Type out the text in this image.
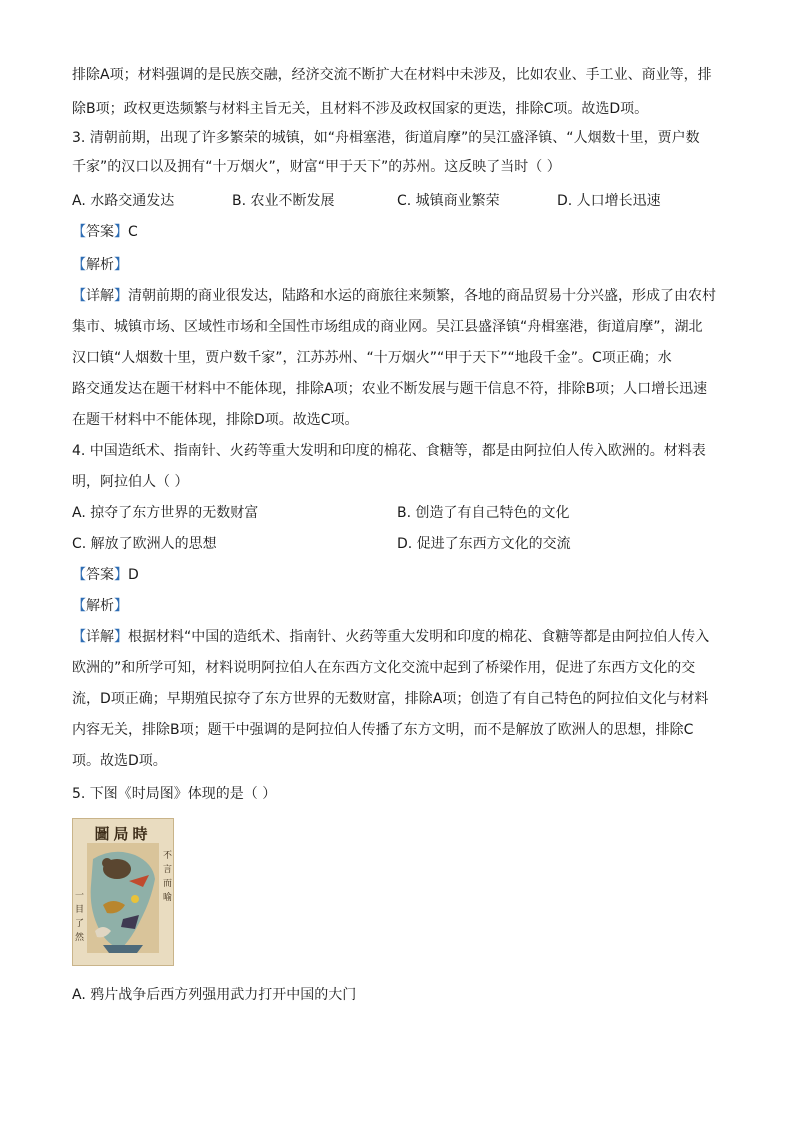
排除A项；材料强调的是民族交融，经济交流不断扩大在材料中未涉及，比如农业、手工业、商业等，排
除B项；政权更迭频繁与材料主旨无关，且材料不涉及政权国家的更迭，排除C项。故选D项。
3. 清朝前期，出现了许多繁荣的城镇，如“舟楫塞港，街道肩摩”的吴江盛泽镇、“人烟数十里，贾户数
千家”的汉口以及拥有“十万烟火”，财富“甲于天下”的苏州。这反映了当时（ ）
A. 水路交通发达	B. 农业不断发展	C. 城镇商业繁荣	D. 人口增长迅速
【答案】C
【解析】
【详解】清朝前期的商业很发达，陆路和水运的商旅往来频繁，各地的商品贸易十分兴盛，形成了由农村
集市、城镇市场、区域性市场和全国性市场组成的商业网。吴江县盛泽镇“舟楫塞港，街道肩摩”，湖北
汉口镇“人烟数十里，贾户数千家”，江苏苏州、“十万烟火”“甲于天下”“地段千金”。C项正确；水
路交通发达在题干材料中不能体现，排除A项；农业不断发展与题干信息不符，排除B项；人口增长迅速
在题干材料中不能体现，排除D项。故选C项。
4. 中国造纸术、指南针、火药等重大发明和印度的棉花、食糖等，都是由阿拉伯人传入欧洲的。材料表
明，阿拉伯人（ ）
A. 掠夺了东方世界的无数财富	B. 创造了有自己特色的文化
C. 解放了欧洲人的思想	D. 促进了东西方文化的交流
【答案】D
【解析】
【详解】根据材料“中国的造纸术、指南针、火药等重大发明和印度的棉花、食糖等都是由阿拉伯人传入
欧洲的”和所学可知，材料说明阿拉伯人在东西方文化交流中起到了桥梁作用，促进了东西方文化的交
流，D项正确；早期殖民掠夺了东方世界的无数财富，排除A项；创造了有自己特色的阿拉伯文化与材料
内容无关，排除B项；题干中强调的是阿拉伯人传播了东方文明，而不是解放了欧洲人的思想，排除C
项。故选D项。
5. 下图《时局图》体现的是（ ）
圖局時
不言而喻
一目了然
A. 鸦片战争后西方列强用武力打开中国的大门
